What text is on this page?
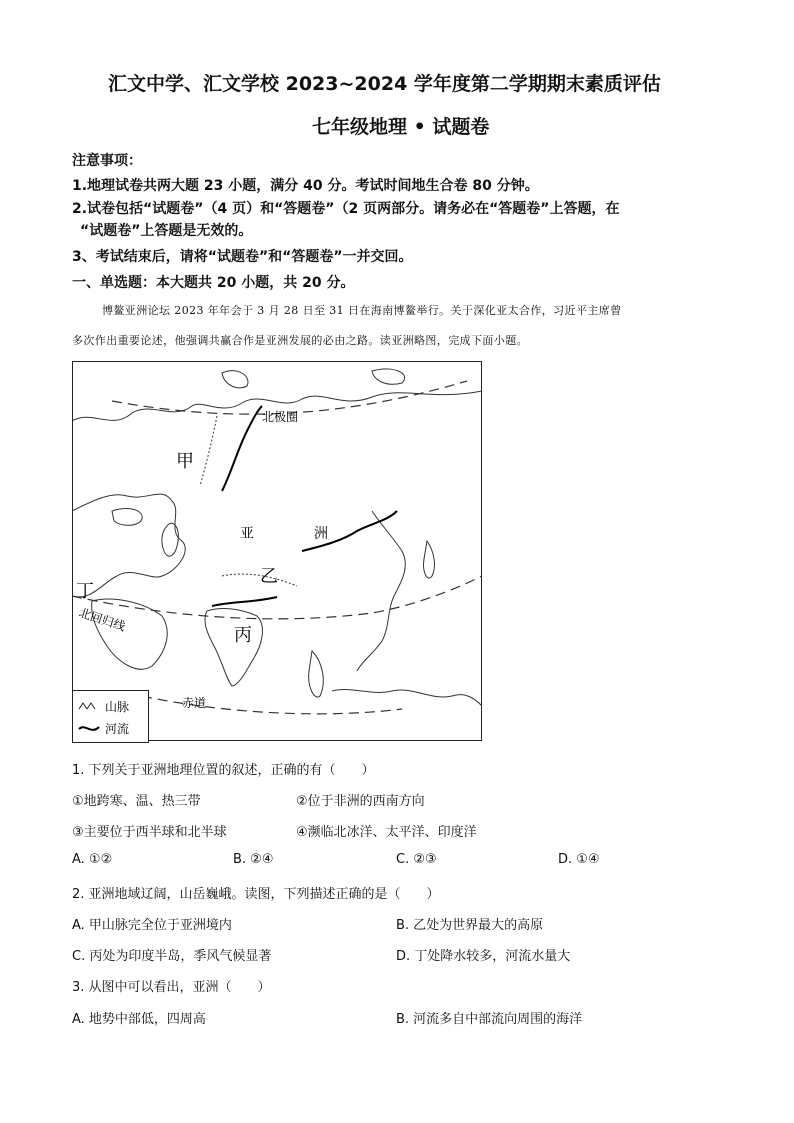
汇文中学、汇文学校 2023~2024 学年度第二学期期末素质评估
七年级地理 • 试题卷
注意事项：
1.地理试卷共两大题 23 小题，满分 40 分。考试时间地生合卷 80 分钟。
2.试卷包括“试题卷”（4 页）和“答题卷”（2 页两部分。请务必在“答题卷”上答题，在
“试题卷”上答题是无效的。
3、考试结束后，请将“试题卷”和“答题卷”一并交回。
一、单选题：本大题共 20 小题，共 20 分。
博鳌亚洲论坛 2023 年年会于 3 月 28 日至 31 日在海南博鳌举行。关于深化亚太合作，习近平主席曾
多次作出重要论述，他强调共赢合作是亚洲发展的必由之路。读亚洲略图，完成下面小题。
甲
亚	洲
乙
丙
丁
北极圈
北回归线
赤道
山脉
河流
1. 下列关于亚洲地理位置的叙述，正确的有（　　）
①地跨寒、温、热三带	②位于非洲的西南方向
③主要位于西半球和北半球	④濒临北冰洋、太平洋、印度洋
A. ①②	B. ②④	C. ②③	D. ①④
2. 亚洲地域辽阔，山岳巍峨。读图，下列描述正确的是（　　）
A. 甲山脉完全位于亚洲境内	B. 乙处为世界最大的高原
C. 丙处为印度半岛，季风气候显著	D. 丁处降水较多，河流水量大
3. 从图中可以看出，亚洲（　　）
A. 地势中部低，四周高	B. 河流多自中部流向周围的海洋
